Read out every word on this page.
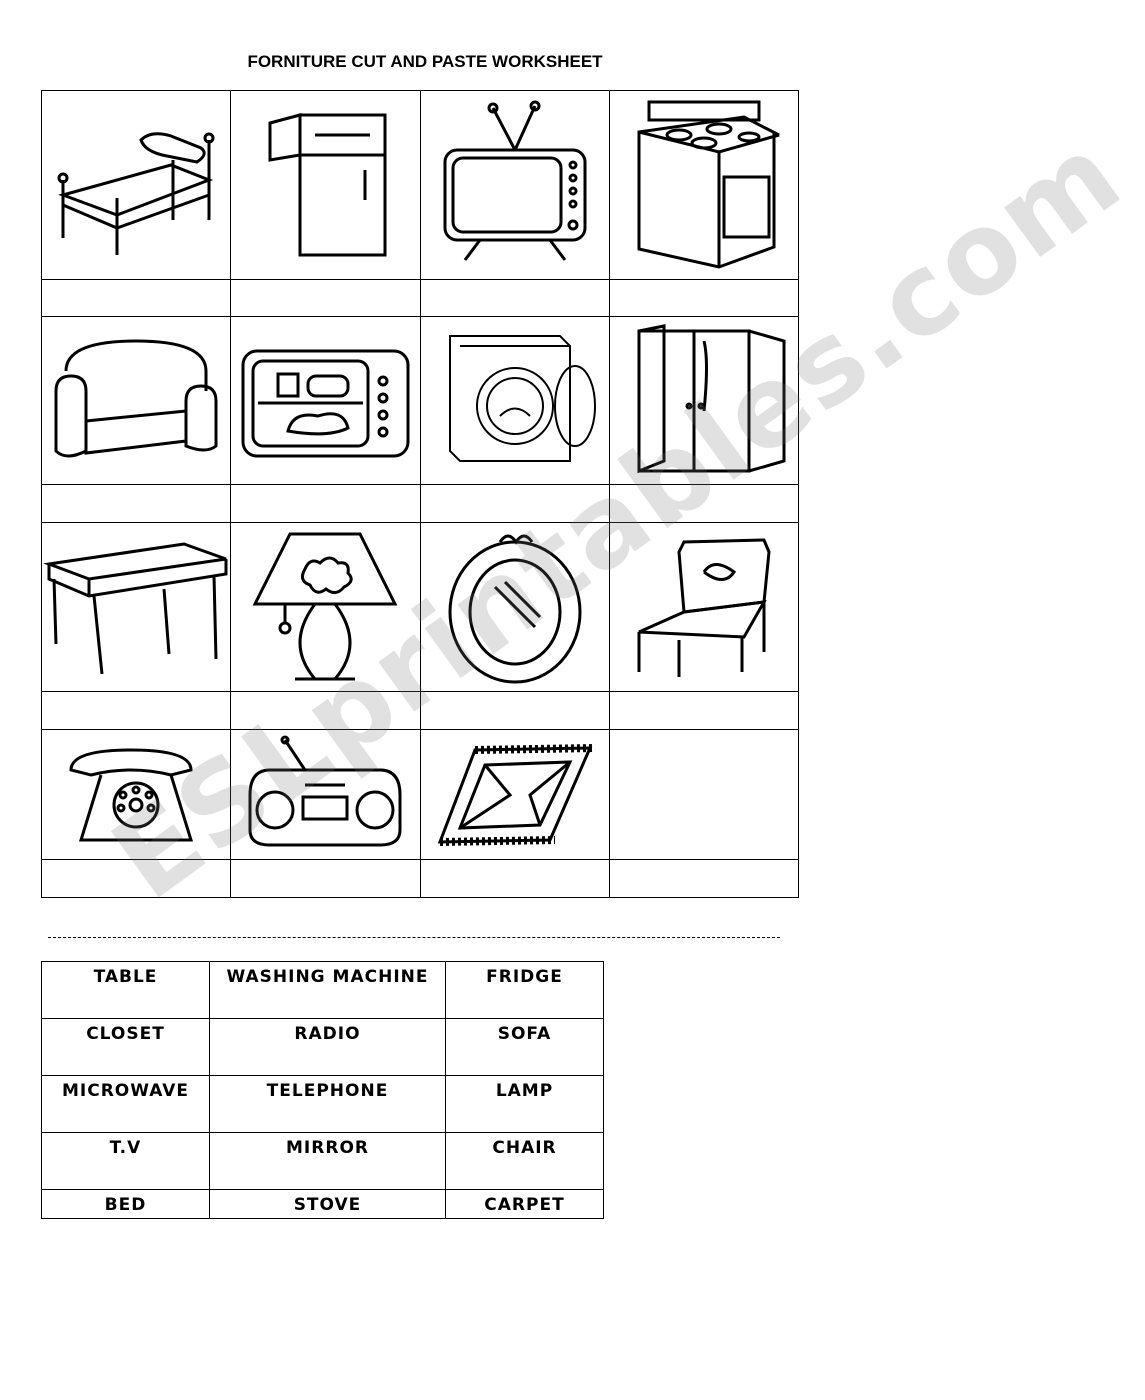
FORNITURE CUT AND PASTE WORKSHEET

TABLE	WASHING MACHINE	FRIDGE
CLOSET	RADIO	SOFA
MICROWAVE	TELEPHONE	LAMP
T.V	MIRROR	CHAIR
BED	STOVE	CARPET
ESLprintables.com
